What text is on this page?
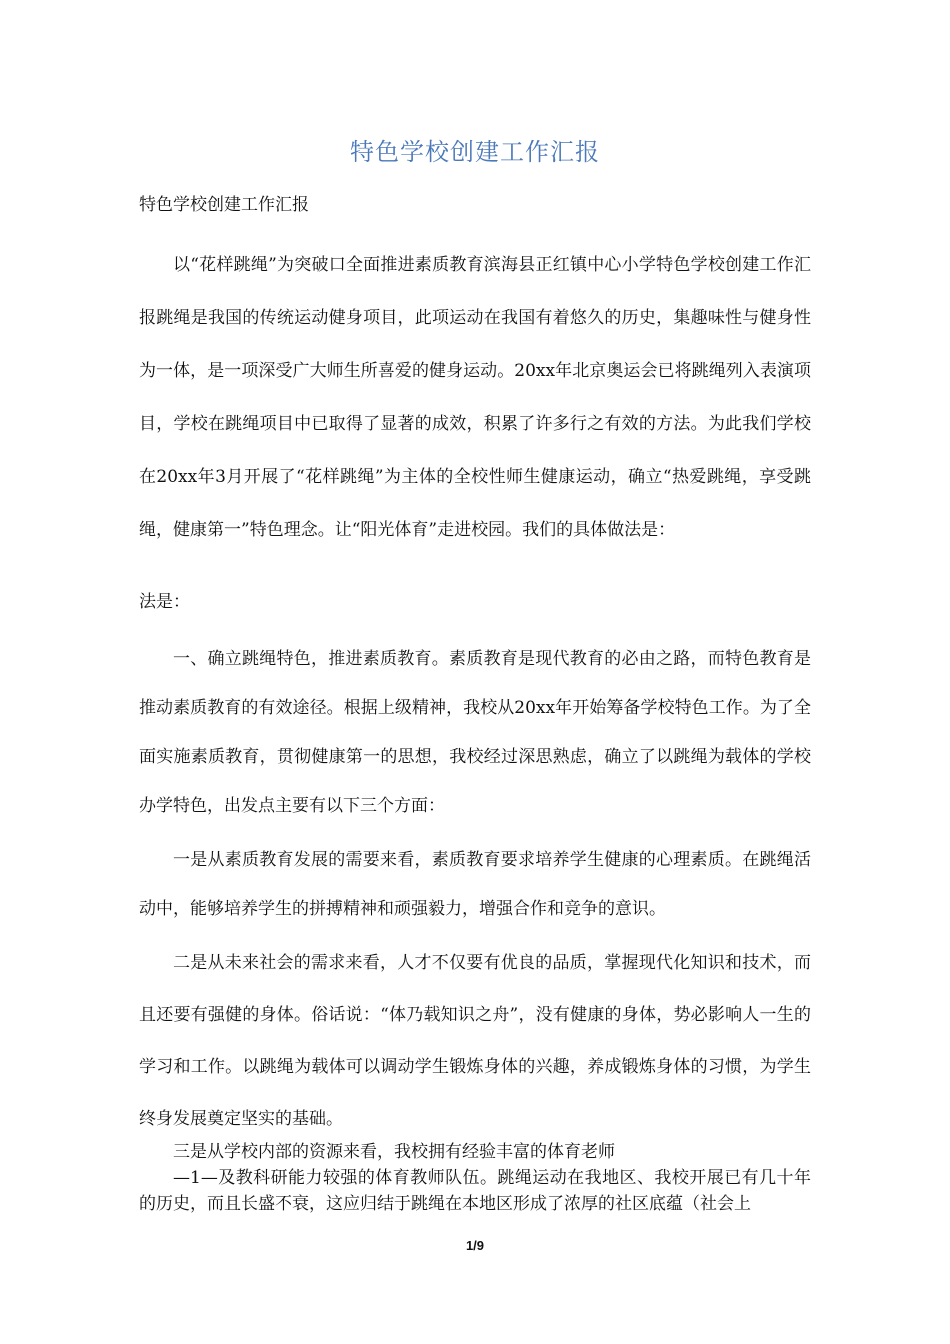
特色学校创建工作汇报
特色学校创建工作汇报

以“花样跳绳”为突破口全面推进素质教育滨海县正红镇中心小学特色学校创建工作汇报跳绳是我国的传统运动健身项目，此项运动在我国有着悠久的历史，集趣味性与健身性为一体，是一项深受广大师生所喜爱的健身运动。20xx年北京奥运会已将跳绳列入表演项目，学校在跳绳项目中已取得了显著的成效，积累了许多行之有效的方法。为此我们学校在20xx年3月开展了“花样跳绳”为主体的全校性师生健康运动，确立“热爱跳绳，享受跳绳，健康第一”特色理念。让“阳光体育”走进校园。我们的具体做法是：

法是：

一、确立跳绳特色，推进素质教育。素质教育是现代教育的必由之路，而特色教育是推动素质教育的有效途径。根据上级精神，我校从20xx年开始筹备学校特色工作。为了全面实施素质教育，贯彻健康第一的思想，我校经过深思熟虑，确立了以跳绳为载体的学校办学特色，出发点主要有以下三个方面：

一是从素质教育发展的需要来看，素质教育要求培养学生健康的心理素质。在跳绳活动中，能够培养学生的拼搏精神和顽强毅力，增强合作和竞争的意识。

二是从未来社会的需求来看，人才不仅要有优良的品质，掌握现代化知识和技术，而且还要有强健的身体。俗话说：“体乃载知识之舟”，没有健康的身体，势必影响人一生的学习和工作。以跳绳为载体可以调动学生锻炼身体的兴趣，养成锻炼身体的习惯，为学生终身发展奠定坚实的基础。

三是从学校内部的资源来看，我校拥有经验丰富的体育老师

—1—及教科研能力较强的体育教师队伍。跳绳运动在我地区、我校开展已有几十年的历史，而且长盛不衰，这应归结于跳绳在本地区形成了浓厚的社区底蕴（社会上

1/9
